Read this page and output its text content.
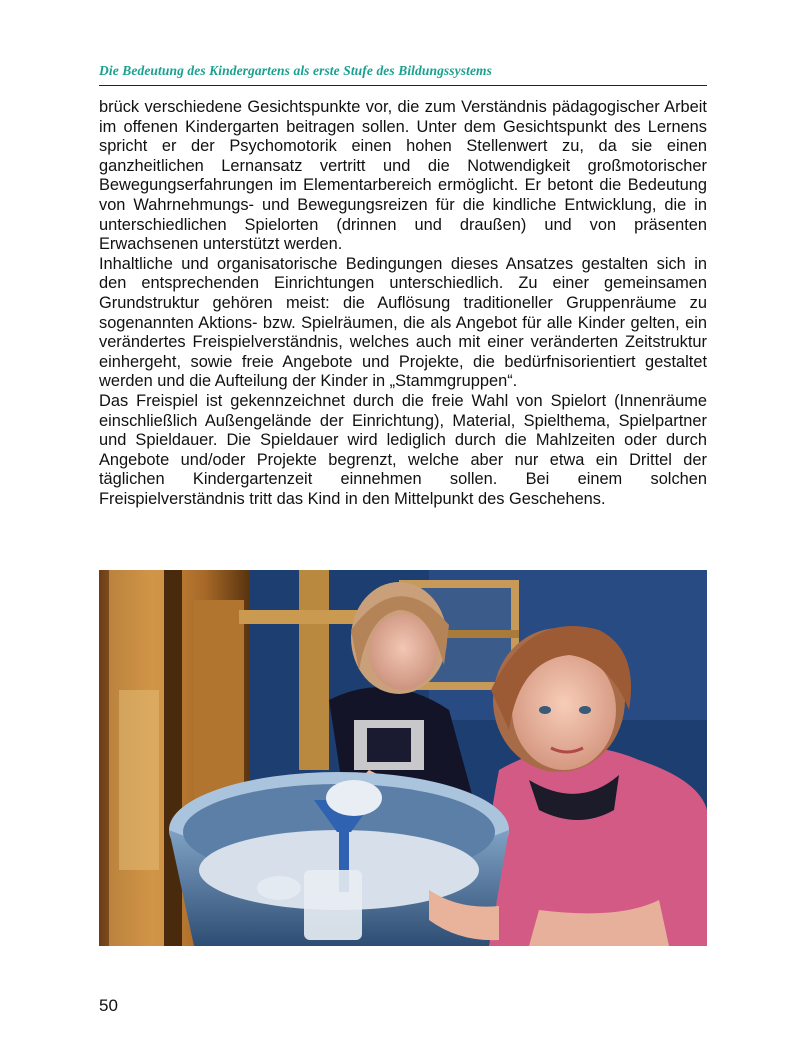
Die Bedeutung des Kindergartens als erste Stufe des Bildungssystems

brück verschiedene Gesichtspunkte vor, die zum Verständnis pädagogischer Arbeit im offenen Kindergarten beitragen sollen. Unter dem Gesichtspunkt des Lernens spricht er der Psychomotorik einen hohen Stellenwert zu, da sie einen ganzheitlichen Lernansatz vertritt und die Notwendigkeit großmotorischer Bewegungserfahrungen im Elementarbereich ermöglicht. Er betont die Bedeutung von Wahrnehmungs- und Bewegungsreizen für die kindliche Entwicklung, die in unterschiedlichen Spielorten (drinnen und draußen) und von präsenten Erwachsenen unterstützt werden.

Inhaltliche und organisatorische Bedingungen dieses Ansatzes gestalten sich in den entsprechenden Einrichtungen unterschiedlich. Zu einer gemeinsamen Grundstruktur gehören meist: die Auflösung traditioneller Gruppenräume zu sogenannten Aktions- bzw. Spielräumen, die als Angebot für alle Kinder gelten, ein verändertes Freispielverständnis, welches auch mit einer veränderten Zeitstruktur einhergeht, sowie freie Angebote und Projekte, die bedürfnisorientiert gestaltet werden und die Aufteilung der Kinder in „Stammgruppen“.

Das Freispiel ist gekennzeichnet durch die freie Wahl von Spielort (Innenräume einschließlich Außengelände der Einrichtung), Material, Spielthema, Spielpartner und Spieldauer. Die Spieldauer wird lediglich durch die Mahlzeiten oder durch Angebote und/oder Projekte begrenzt, welche aber nur etwa ein Drittel der täglichen Kindergartenzeit einnehmen sollen. Bei einem solchen Freispielverständnis tritt das Kind in den Mittelpunkt des Geschehens.

50
